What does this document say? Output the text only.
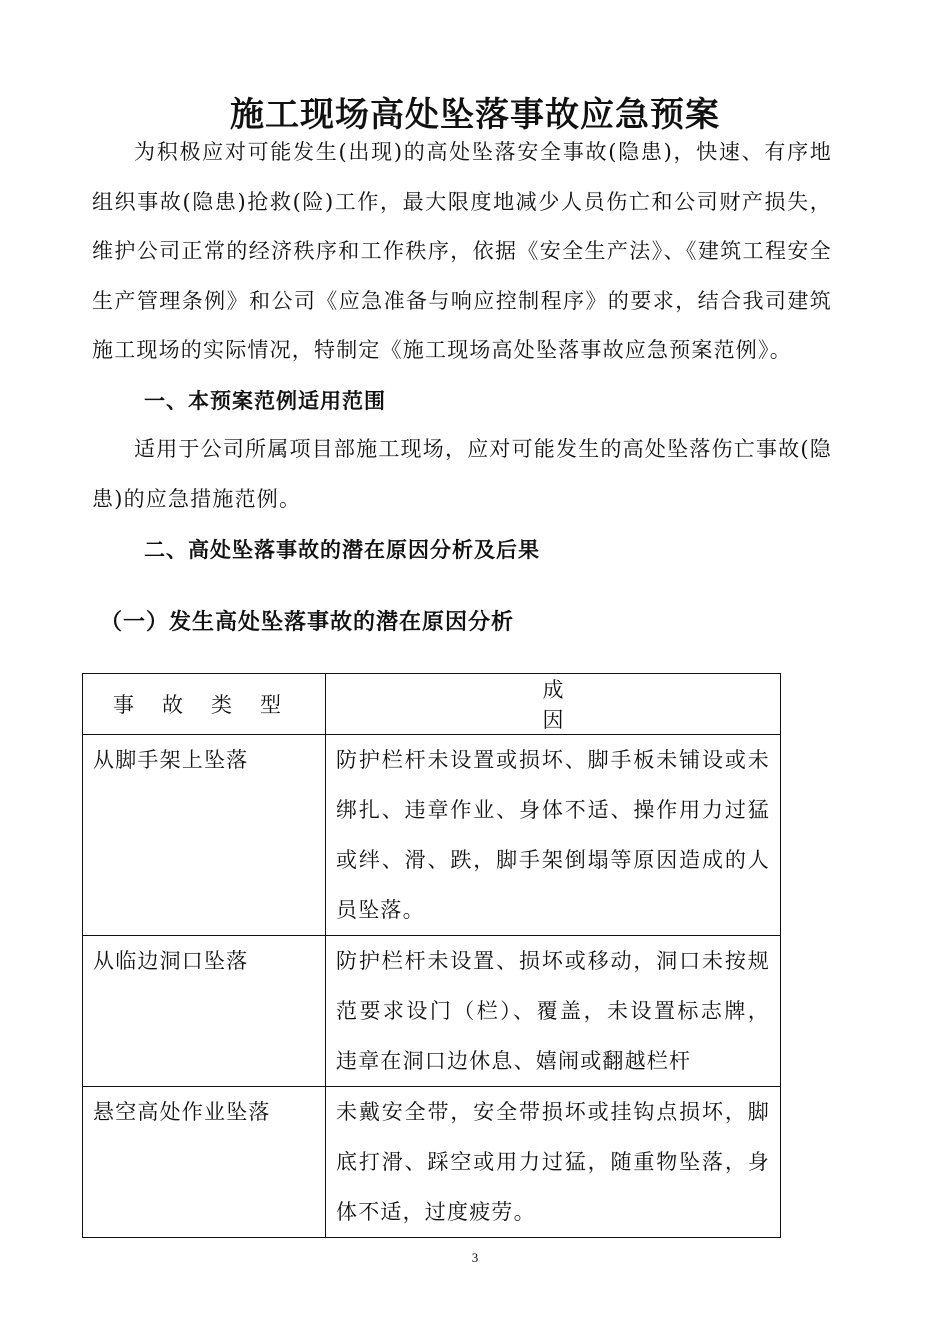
施工现场高处坠落事故应急预案

为积极应对可能发生(出现)的高处坠落安全事故(隐患)，快速、有序地组织事故(隐患)抢救(险)工作，最大限度地减少人员伤亡和公司财产损失，维护公司正常的经济秩序和工作秩序，依据《安全生产法》、《建筑工程安全生产管理条例》和公司《应急准备与响应控制程序》的要求，结合我司建筑施工现场的实际情况，特制定《施工现场高处坠落事故应急预案范例》。

一、本预案范例适用范围

适用于公司所属项目部施工现场，应对可能发生的高处坠落伤亡事故(隐患)的应急措施范例。

二、高处坠落事故的潜在原因分析及后果
（一）发生高处坠落事故的潜在原因分析
事故类型	成因
从脚手架上坠落	防护栏杆未设置或损坏、脚手板未铺设或未绑扎、违章作业、身体不适、操作用力过猛或绊、滑、跌，脚手架倒塌等原因造成的人员坠落。
从临边洞口坠落	防护栏杆未设置、损坏或移动，洞口未按规范要求设门（栏）、覆盖，未设置标志牌， 违章在洞口边休息、嬉闹或翻越栏杆
悬空高处作业坠落	未戴安全带，安全带损坏或挂钩点损坏，脚底打滑、踩空或用力过猛，随重物坠落，身体不适，过度疲劳。
3
